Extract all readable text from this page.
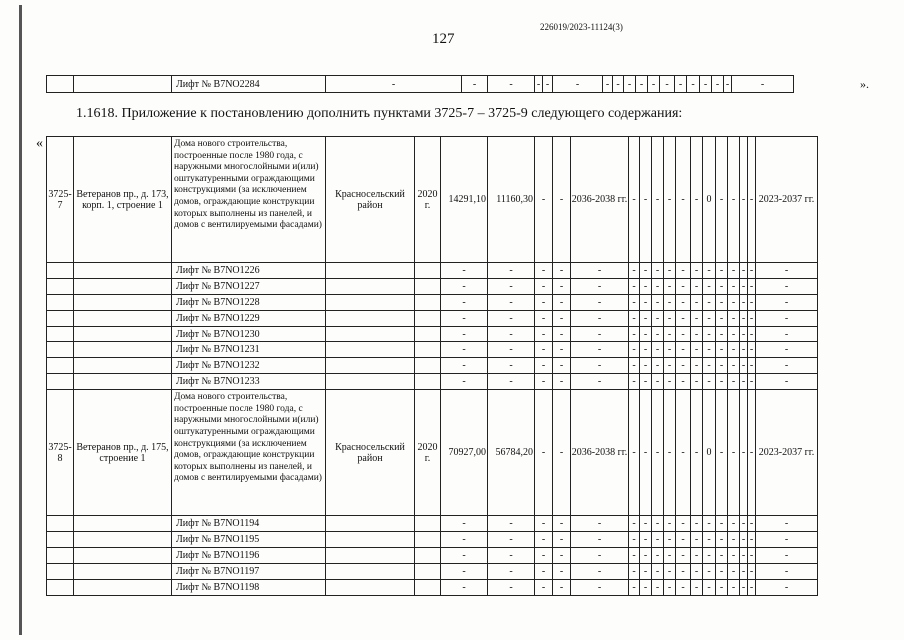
226019/2023-11124(3)
127
».
1.1618. Приложение к постановлению дополнить пунктами 3725-7 – 3725-9 следующего содержания:
«
		Лифт № B7NO2284	-	-	-	-	-	-	-	-	-	-	-	-	-	-	-	-	-	-
3725-7	Ветеранов пр., д. 173, корп. 1, строение 1	Дома нового строительства, построенные после 1980 года, с наружными многослойными и(или) оштукатуренными ограждающими конструкциями (за исключением домов, ограждающие конструкции которых выполнены из панелей, и домов с вентилируемыми фасадами)	Красносельский район	2020 г.	14291,10	11160,30	-	-	2036-2038 гг.	-	-	-	-	-	-	0	-	-	-	-	2023-2037 гг.
		Лифт № B7NO1226			-	-	-	-	-	-	-	-	-	-	-	-	-	-	-	-	-
		Лифт № B7NO1227			-	-	-	-	-	-	-	-	-	-	-	-	-	-	-	-	-
		Лифт № B7NO1228			-	-	-	-	-	-	-	-	-	-	-	-	-	-	-	-	-
		Лифт № B7NO1229			-	-	-	-	-	-	-	-	-	-	-	-	-	-	-	-	-
		Лифт № B7NO1230			-	-	-	-	-	-	-	-	-	-	-	-	-	-	-	-	-
		Лифт № B7NO1231			-	-	-	-	-	-	-	-	-	-	-	-	-	-	-	-	-
		Лифт № B7NO1232			-	-	-	-	-	-	-	-	-	-	-	-	-	-	-	-	-
		Лифт № B7NO1233			-	-	-	-	-	-	-	-	-	-	-	-	-	-	-	-	-
3725-8	Ветеранов пр., д. 175, строение 1	Дома нового строительства, построенные после 1980 года, с наружными многослойными и(или) оштукатуренными ограждающими конструкциями (за исключением домов, ограждающие конструкции которых выполнены из панелей, и домов с вентилируемыми фасадами)	Красносельский район	2020 г.	70927,00	56784,20	-	-	2036-2038 гг.	-	-	-	-	-	-	0	-	-	-	-	2023-2037 гг.
		Лифт № B7NO1194			-	-	-	-	-	-	-	-	-	-	-	-	-	-	-	-	-
		Лифт № B7NO1195			-	-	-	-	-	-	-	-	-	-	-	-	-	-	-	-	-
		Лифт № B7NO1196			-	-	-	-	-	-	-	-	-	-	-	-	-	-	-	-	-
		Лифт № B7NO1197			-	-	-	-	-	-	-	-	-	-	-	-	-	-	-	-	-
		Лифт № B7NO1198			-	-	-	-	-	-	-	-	-	-	-	-	-	-	-	-	-
